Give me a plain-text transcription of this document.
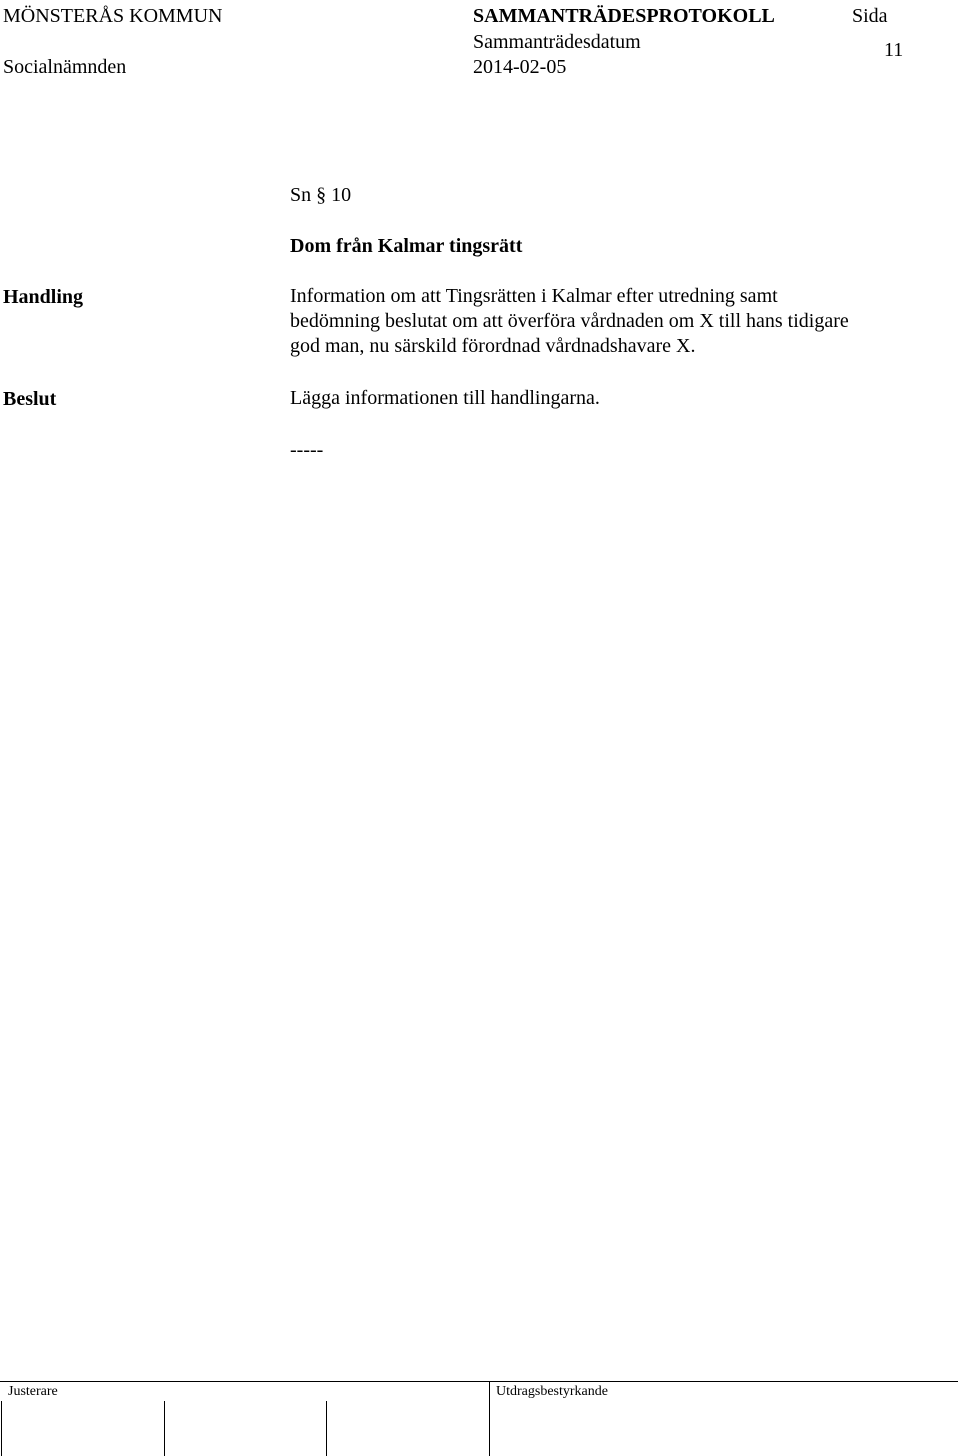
MÖNSTERÅS KOMMUN	SAMMANTRÄDESPROTOKOLL	Sida
Sammanträdesdatum	11
Socialnämnden	2014-02-05
Sn § 10
Dom från Kalmar tingsrätt
Handling	Information om att Tingsrätten i Kalmar efter utredning samt bedömning beslutat om att överföra vårdnaden om X till hans tidigare god man, nu särskild förordnad vårdnadshavare X.
Beslut	Lägga informationen till handlingarna.
-----
Justerare	Utdragsbestyrkande
